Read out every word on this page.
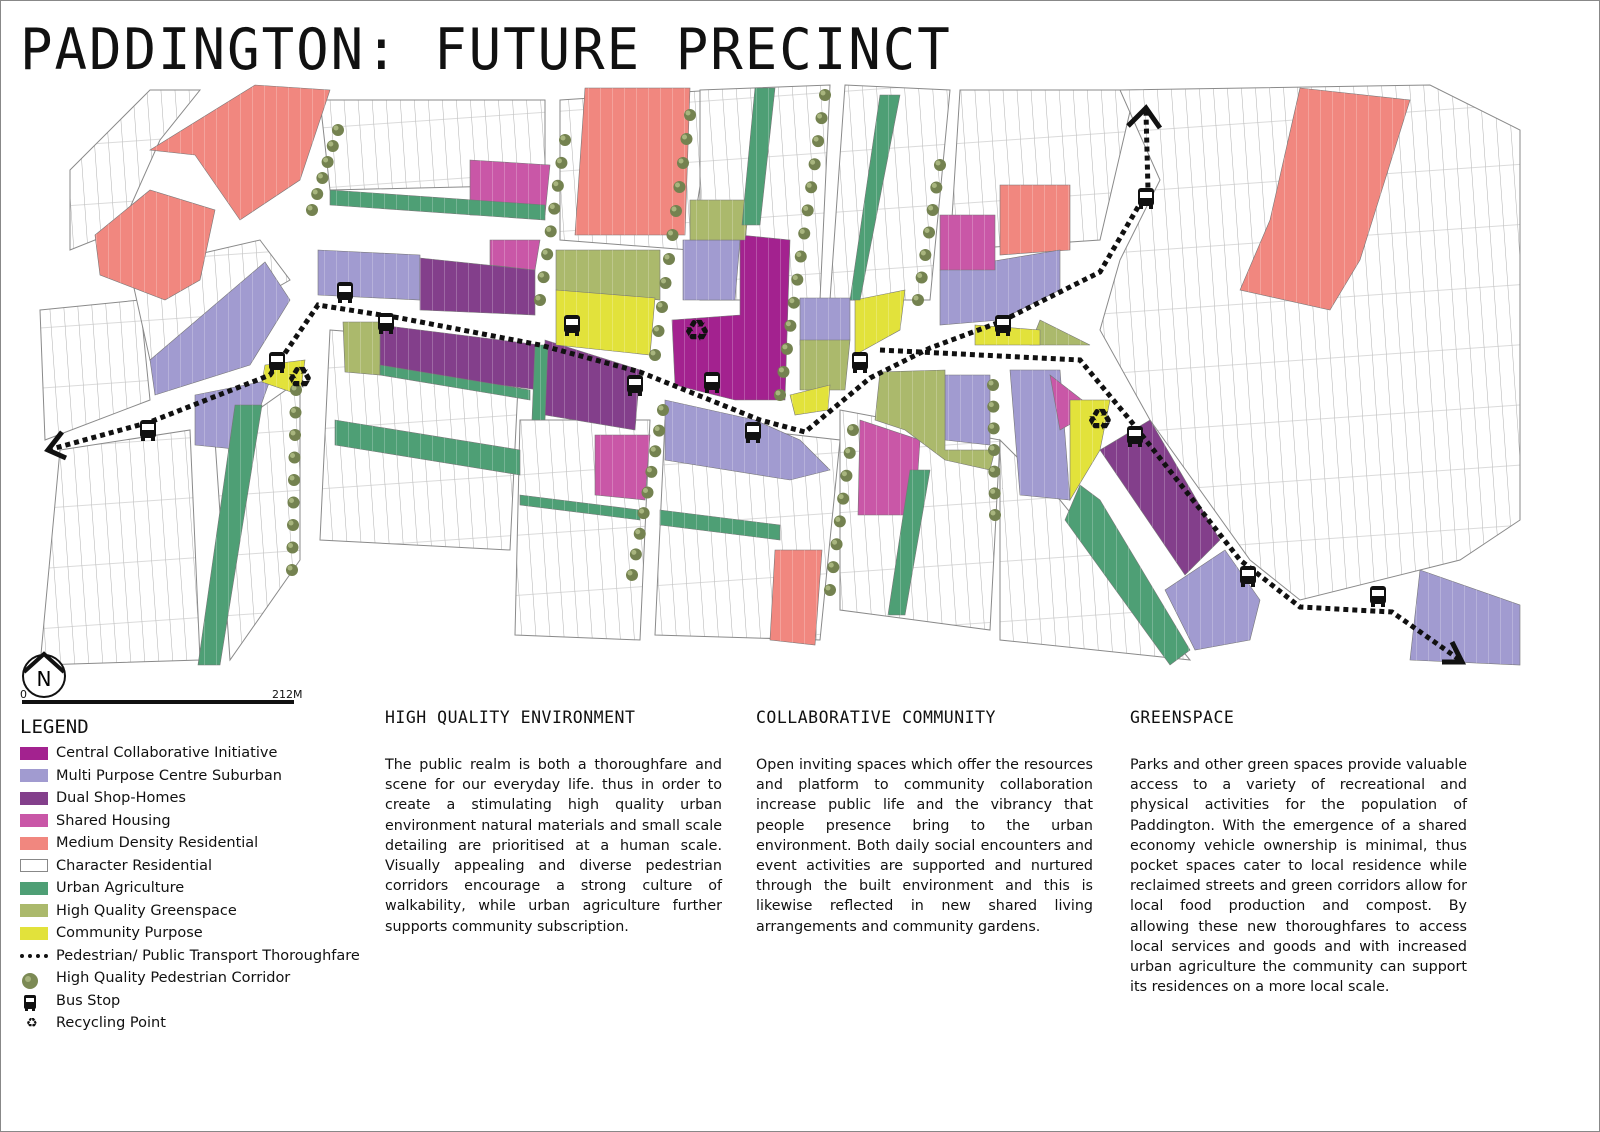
PADDINGTON: FUTURE PRECINCT
♻
♻
♻
N
0	212M
LEGEND
Central Collaborative Initiative
Multi Purpose Centre Suburban
Dual Shop-Homes
Shared Housing
Medium Density Residential
Character Residential
Urban Agriculture
High Quality Greenspace
Community Purpose
Pedestrian/ Public Transport Thoroughfare
High Quality Pedestrian Corridor
Bus Stop
♻	Recycling Point
HIGH QUALITY ENVIRONMENT

The public realm is both a thoroughfare and scene for our everyday life. thus in order to create a stimulating high quality urban environment natural materials and small scale detailing are prioritised at a human scale. Visually appealing and diverse pedestrian corridors encourage a strong culture of walkability, while urban agriculture further supports community subscription.

COLLABORATIVE COMMUNITY

Open inviting spaces which offer the resources and platform to community collaboration increase public life and the vibrancy that people presence bring to the urban environment. Both daily social encounters and event activities are supported and nurtured through the built environment and this is likewise reflected in new shared living arrangements and community gardens.

GREENSPACE

Parks and other green spaces provide valuable access to a variety of recreational and physical activities for the population of Paddington. With the emergence of a shared economy vehicle ownership is minimal, thus pocket spaces cater to local residence while reclaimed streets and green corridors allow for local food production and compost. By allowing these new thoroughfares to access local services and goods and with increased urban agriculture the community can support its residences on a more local scale.
